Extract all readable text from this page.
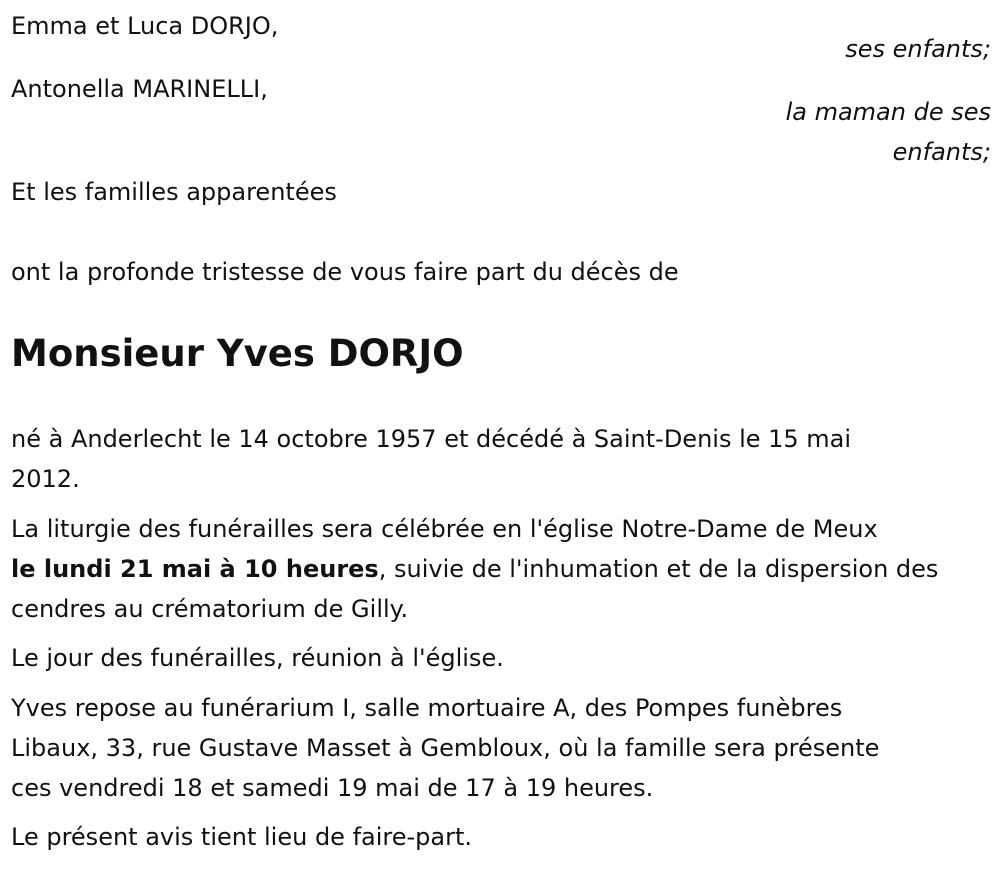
Emma et Luca DORJO,
ses enfants;
Antonella MARINELLI,
la maman de ses
enfants;
Et les familles apparentées
ont la profonde tristesse de vous faire part du décès de
Monsieur Yves DORJO
né à Anderlecht le 14 octobre 1957 et décédé à Saint-Denis le 15 mai
2012.
La liturgie des funérailles sera célébrée en l'église Notre-Dame de Meux
le lundi 21 mai à 10 heures, suivie de l'inhumation et de la dispersion des
cendres au crématorium de Gilly.
Le jour des funérailles, réunion à l'église.
Yves repose au funérarium I, salle mortuaire A, des Pompes funèbres
Libaux, 33, rue Gustave Masset à Gembloux, où la famille sera présente
ces vendredi 18 et samedi 19 mai de 17 à 19 heures.
Le présent avis tient lieu de faire-part.
